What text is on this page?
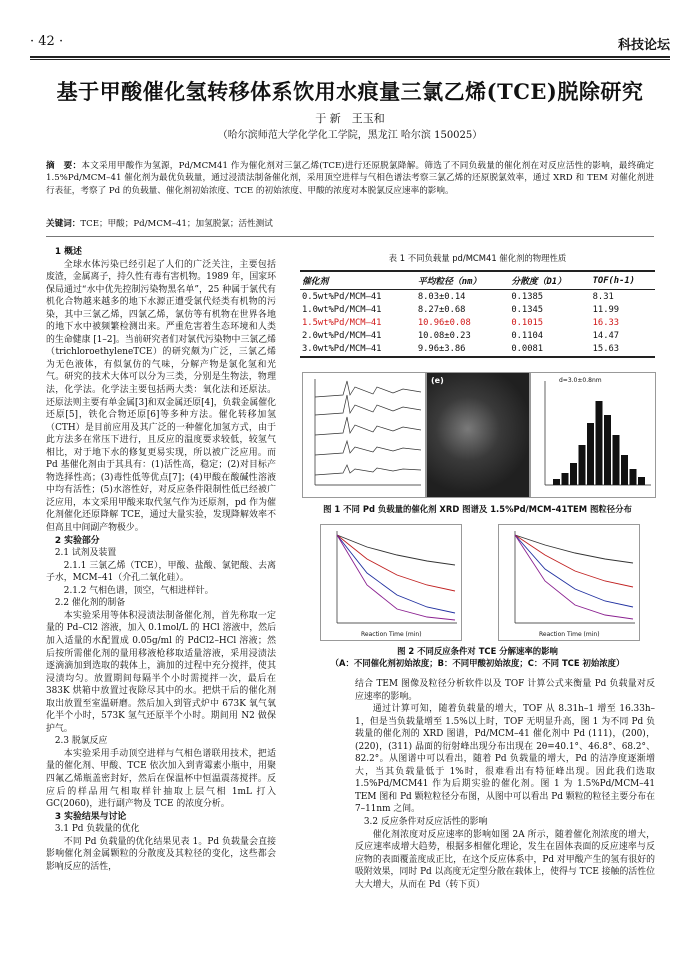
· 42 ·	科技论坛
基于甲酸催化氢转移体系饮用水痕量三氯乙烯(TCE)脱除研究
于 新　王玉和
（哈尔滨师范大学化学化工学院，黑龙江 哈尔滨 150025）
摘　要：本文采用甲酸作为氢源，Pd/MCM41 作为催化剂对三氯乙烯(TCE)进行还原脱氯降解。筛选了不同负载量的催化剂在对反应活性的影响，最终确定 1.5%Pd/MCM–41 催化剂为最优负载量，通过浸渍法制备催化剂，采用顶空进样与气相色谱法考察三氯乙烯的还原脱氯效率，通过 XRD 和 TEM 对催化剂进行表征，考察了 Pd 的负载量、催化剂初始浓度、TCE 的初始浓度、甲酸的浓度对本脱氯反应速率的影响。
关键词：TCE；甲酸；Pd/MCM–41；加氢脱氯；活性测试

1 概述

全球水体污染已经引起了人们的广泛关注，主要包括废渣，金属离子，持久性有毒有害机物。1989 年，国家环保局通过“水中优先控制污染物黑名单”，25 种属于氯代有机化合物越来越多的地下水源正遭受氯代烃类有机物的污染，其中三氯乙烯，四氯乙烯，氯仿等有机物在世界各地的地下水中被频繁检测出来。严重危害着生态环境和人类的生命健康 [1–2]。当前研究者们对氯代污染物中三氯乙烯（trichloroethyleneTCE）的研究颇为广泛，三氯乙烯为无色液体，有似氯仿的气味，分解产物是氯化氢和光气。研究的技术大体可以分为三类，分别是生物法，物理法，化学法。化学法主要包括两大类：氧化法和还原法。还原法则主要有单金属[3]和双金属还原[4]，负载金属催化还原[5]，铁化合物还原[6]等多种方法。催化转移加氢（CTH）是目前应用及其广泛的一种催化加氢方式，由于此方法多在常压下进行，且反应的温度要求较低，较氢气相比，对于地下水的修复更易实现，所以被广泛应用。而 Pd 基催化剂由于其具有：(1)活性高，稳定；(2)对目标产物选择性高；(3)毒性低等优点[7]；(4)甲酸在酸碱性溶液中均有活性；(5)水溶性好，对反应条件限制性低已经被广泛应用，本文采用甲酸来取代氢气作为还原剂，pd 作为催化剂催化还原降解 TCE，通过大量实验，发现降解效率不但高且中间副产物极少。

2 实验部分

2.1 试剂及装置

2.1.1 三氯乙烯（TCE），甲酸、盐酸、氯钯酸、去离子水，MCM–41（介孔二氧化硅）。

2.1.2 气相色谱，顶空，气相进样针。

2.2 催化剂的制备

本实验采用等体积浸渍法制备催化剂，首先称取一定量的 Pd–Cl2 溶液，加入 0.1mol/L 的 HCl 溶液中，然后加入适量的水配置成 0.05g/ml 的 PdCl2–HCl 溶液；然后按所需催化剂的量用移液枪移取适量溶液，采用浸渍法逐滴滴加到选取的载体上，滴加的过程中充分搅拌，使其浸渍均匀。放置期间每隔半个小时需搅拌一次，最后在 383K 烘箱中放置过夜除尽其中的水。把烘干后的催化剂取出放置至室温研磨。然后加入到管式炉中 673K 氧气氧化半个小时，573K 氢气还原半个小时。期间用 N2 做保护气。

2.3 脱氯反应

本实验采用手动顶空进样与气相色谱联用技术，把适量的催化剂、甲酸、TCE 依次加入到青霉素小瓶中，用聚四氟乙烯瓶盖密封好，然后在保温杯中恒温震荡搅拌。反应后的样品用气相取样针抽取上层气相 1mL 打入 GC(2060)，进行副产物及 TCE 的浓度分析。

3 实验结果与讨论

3.1 Pd 负载量的优化

不同 Pd 负载量的优化结果见表 1。Pd 负载量会直接影响催化剂金属颗粒的分散度及其粒径的变化，这些都会影响反应的活性，

表 1 不同负载量 pd/MCM41 催化剂的物理性质
催化剂	平均粒径（nm）	分散度（D1）	TOF(h-1)
0.5wt%Pd/MCM–41	8.03±0.14	0.1385	8.31
1.0wt%Pd/MCM–41	8.27±0.68	0.1345	11.99
1.5wt%Pd/MCM–41	10.96±0.08	0.1015	16.33
2.0wt%Pd/MCM–41	10.08±0.23	0.1104	14.47
3.0wt%Pd/MCM–41	9.96±3.86	0.0081	15.63
(e)	d=3.0±0.8nm
图 1 不同 Pd 负载量的催化剂 XRD 图谱及 1.5%Pd/MCM–41TEM 图粒径分布
Reaction Time (min)	Reaction Time (min)
图 2 不同反应条件对 TCE 分解速率的影响
（A：不同催化剂初始浓度；B：不同甲酸初始浓度；C：不同 TCE 初始浓度）

结合 TEM 图像及粒径分析软件以及 TOF 计算公式来衡量 Pd 负载量对反应速率的影响。

通过计算可知，随着负载量的增大，TOF 从 8.31h–1 增至 16.33h–1，但是当负载量增至 1.5%以上时，TOF 无明显升高，图 1 为不同 Pd 负载量的催化剂的 XRD 图谱，Pd/MCM–41 催化剂中 Pd (111)，(200)，(220)，(311) 晶面的衍射峰出现分布出现在 2θ=40.1°、46.8°、68.2°、82.2°。从图谱中可以看出，随着 Pd 负载量的增大，Pd 的洁净度逐渐增大，当其负载量低于 1%时，很难看出有特征峰出现。因此我们选取 1.5%Pd/MCM41 作为后期实验的催化剂。图 1 为 1.5%Pd/MCM–41 TEM 图和 Pd 颗粒粒径分布图，从图中可以看出 Pd 颗粒的粒径主要分布在 7–11nm 之间。

3.2 反应条件对反应活性的影响

催化剂浓度对反应速率的影响如图 2A 所示，随着催化剂浓度的增大，反应速率成增大趋势，根据多相催化理论，发生在固体表面的反应速率与反应物的表面覆盖度成正比，在这个反应体系中，Pd 对甲酸产生的氢有很好的吸附效果，同时 Pd 以高度无定型分散在载体上，使得与 TCE 接触的活性位大大增大，从而在 Pd（转下页）
